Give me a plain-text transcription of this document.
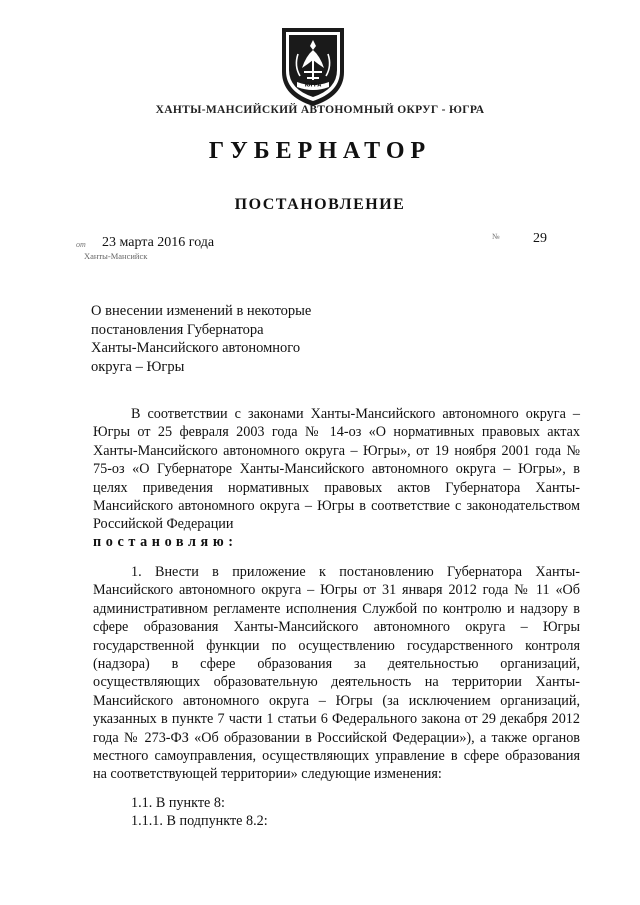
ЮГРА
ХАНТЫ-МАНСИЙСКИЙ АВТОНОМНЫЙ ОКРУГ - ЮГРА
ГУБЕРНАТОР
ПОСТАНОВЛЕНИЕ
от 23 марта 2016 года	№ 29
Ханты-Мансийск
О внесении изменений в некоторые
постановления Губернатора
Ханты-Мансийского автономного
округа – Югры
В соответствии с законами Ханты-Мансийского автономного округа – Югры от 25 февраля 2003 года № 14-оз «О нормативных правовых актах Ханты-Мансийского автономного округа – Югры», от 19 ноября 2001 года № 75-оз «О Губернаторе Ханты-Мансийского автономного округа – Югры», в целях приведения нормативных правовых актов Губернатора Ханты-Мансийского автономного округа – Югры в соответствие с законодательством Российской Федерации
постановляю:
1. Внести в приложение к постановлению Губернатора Ханты-Мансийского автономного округа – Югры от 31 января 2012 года № 11 «Об административном регламенте исполнения Службой по контролю и надзору в сфере образования Ханты-Мансийского автономного округа – Югры государственной функции по осуществлению государственного контроля (надзора) в сфере образования за деятельностью организаций, осуществляющих образовательную деятельность на территории Ханты-Мансийского автономного округа – Югры (за исключением организаций, указанных в пункте 7 части 1 статьи 6 Федерального закона от 29 декабря 2012 года № 273-ФЗ «Об образовании в Российской Федерации»), а также органов местного самоуправления, осуществляющих управление в сфере образования на соответствующей территории» следующие изменения:
1.1. В пункте 8:
1.1.1. В подпункте 8.2:
